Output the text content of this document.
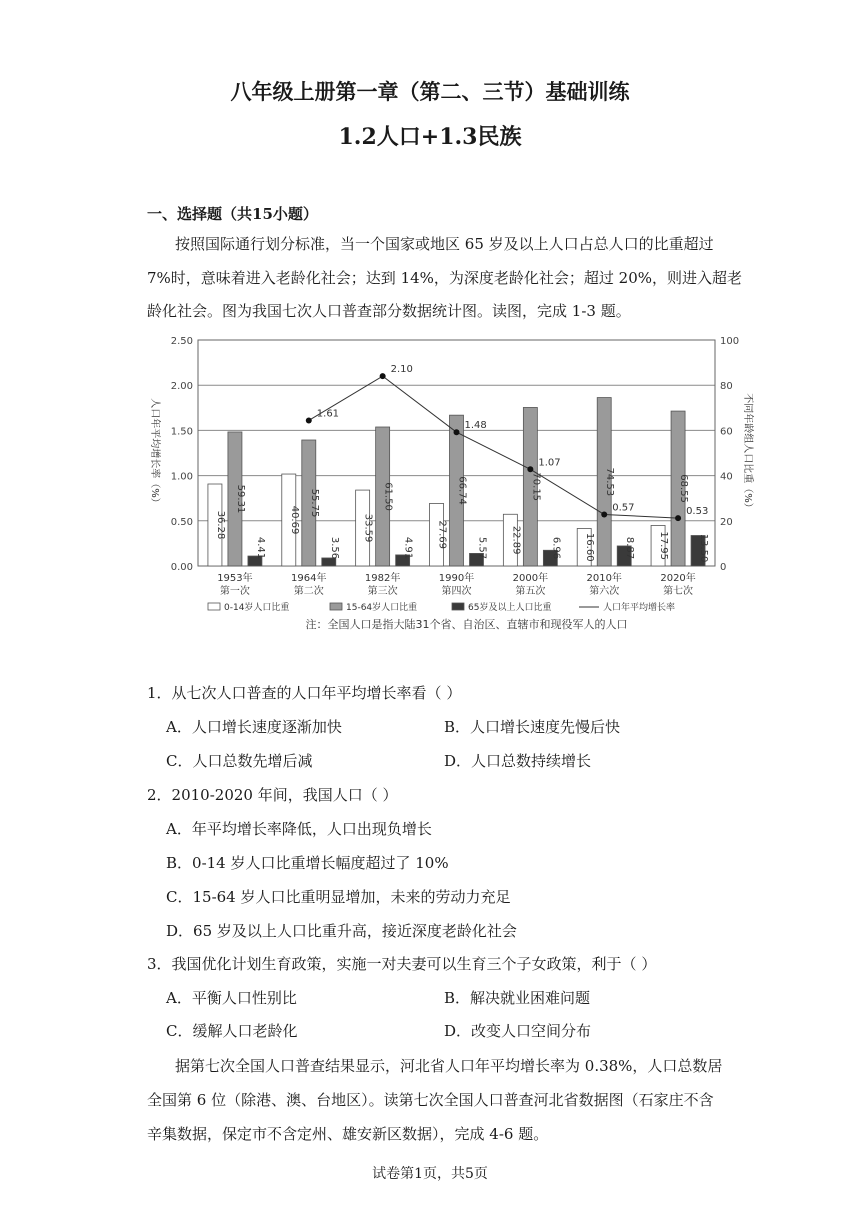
八年级上册第一章（第二、三节）基础训练
1.2人口+1.3民族
一、选择题（共15小题）
按照国际通行划分标准，当一个国家或地区 65 岁及以上人口占总人口的比重超过
7%时，意味着进入老龄化社会；达到 14%，为深度老龄化社会；超过 20%，则进入超老
龄化社会。图为我国七次人口普查部分数据统计图。读图，完成 1-3 题。
0.00
0.50
1.00
1.50
2.00
2.50
0
20
40
60
80
100
人口年平均增长率（%）	不同年龄组人口比重（%）
36.28	40.69	33.59	27.69	22.89	16.60	17.95
59.31	55.75	61.50	66.74	70.15	74.53	68.55
4.41	3.56	4.91	5.57	6.96	8.87	13.50
1.61
2.10
1.48
1.07
0.57	0.53
1953年
第一次
1964年
第二次
1982年
第三次
1990年
第四次
2000年
第五次
2010年
第六次
2020年
第七次
0-14岁人口比重	15-64岁人口比重	65岁及以上人口比重	人口年平均增长率
注：全国人口是指大陆31个省、自治区、直辖市和现役军人的人口
1．从七次人口普查的人口年平均增长率看（ ）
A．人口增长速度逐渐加快	B．人口增长速度先慢后快
C．人口总数先增后减	D．人口总数持续增长
2．2010-2020 年间，我国人口（ ）
A．年平均增长率降低，人口出现负增长
B．0-14 岁人口比重增长幅度超过了 10%
C．15-64 岁人口比重明显增加，未来的劳动力充足
D．65 岁及以上人口比重升高，接近深度老龄化社会
3．我国优化计划生育政策，实施一对夫妻可以生育三个子女政策，利于（ ）
A．平衡人口性别比	B．解决就业困难问题
C．缓解人口老龄化	D．改变人口空间分布
据第七次全国人口普查结果显示，河北省人口年平均增长率为 0.38%，人口总数居
全国第 6 位（除港、澳、台地区）。读第七次全国人口普查河北省数据图（石家庄不含
辛集数据，保定市不含定州、雄安新区数据），完成 4-6 题。
试卷第1页，共5页
